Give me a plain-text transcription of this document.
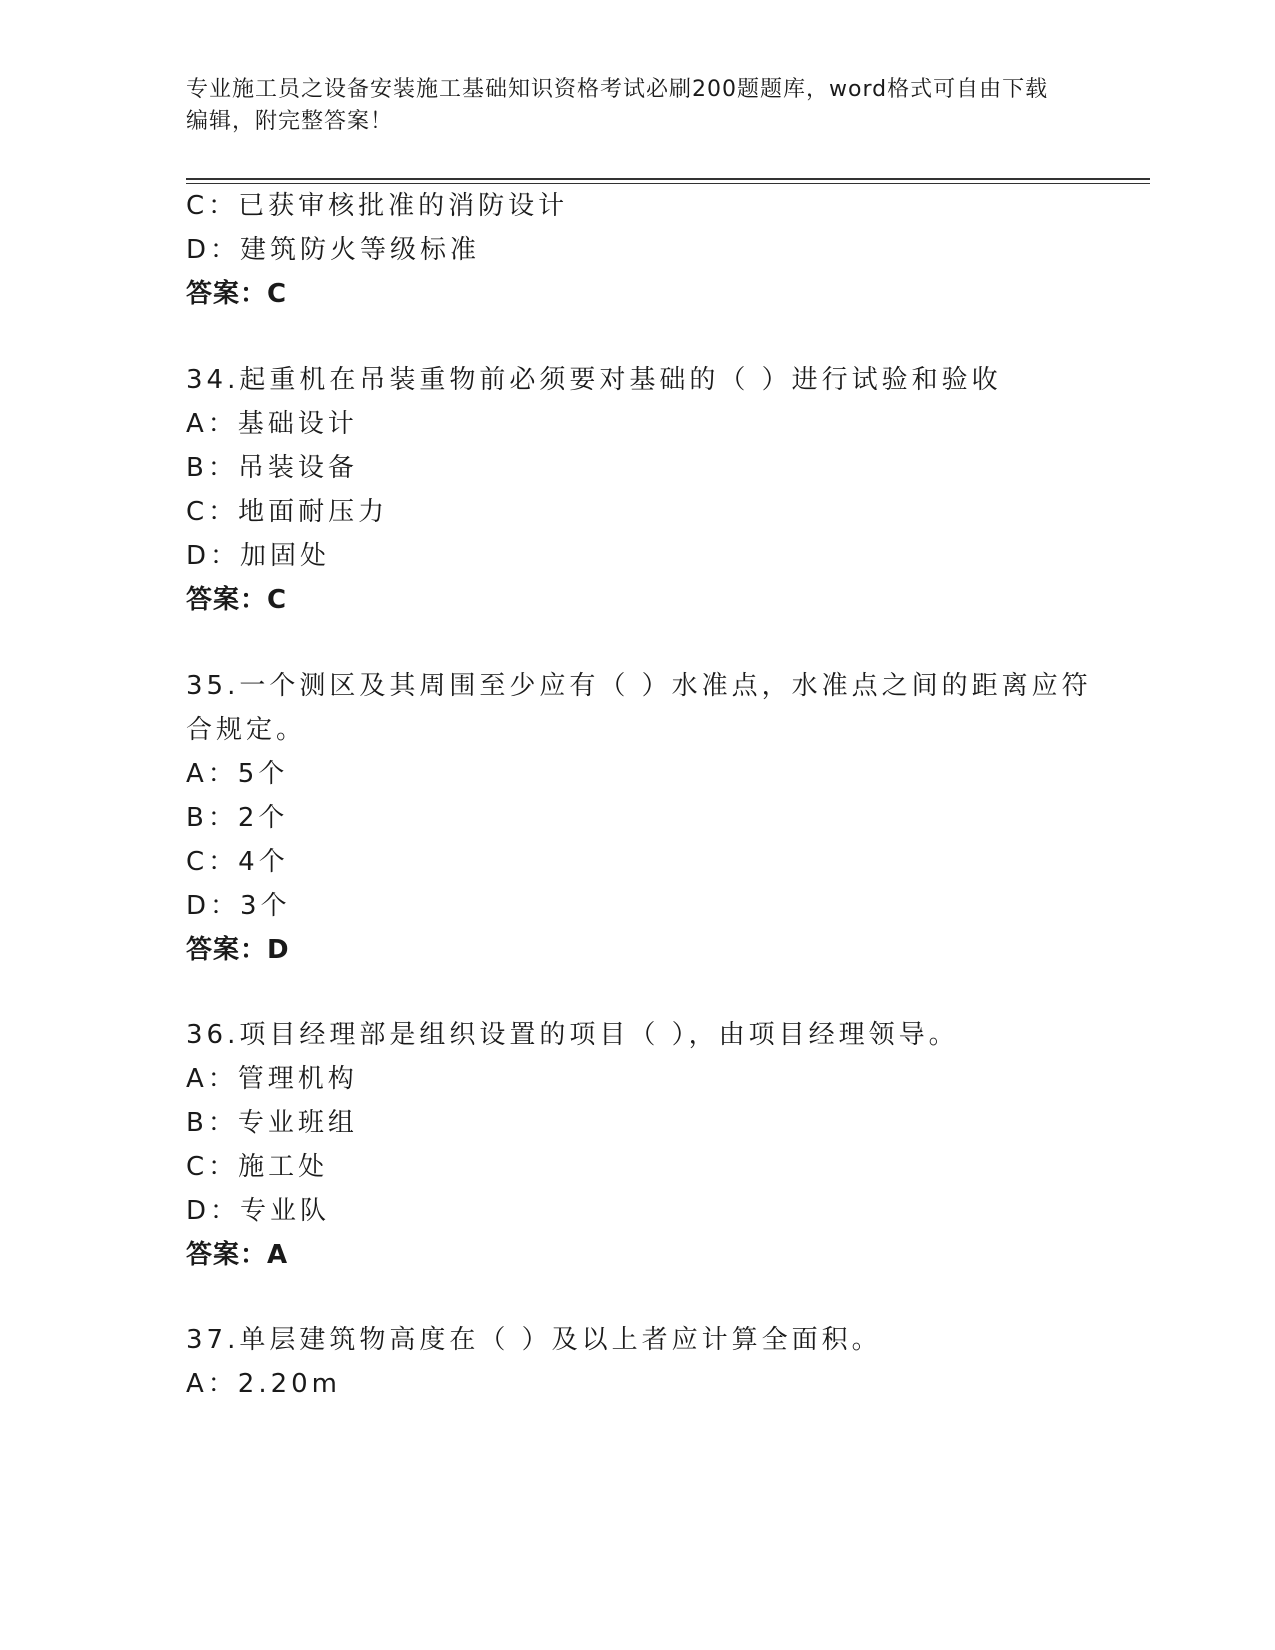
专业施工员之设备安装施工基础知识资格考试必刷200题题库，word格式可自由下载编辑，附完整答案！
C：已获审核批准的消防设计
D：建筑防火等级标准
答案：C
34.起重机在吊装重物前必须要对基础的（ ）进行试验和验收
A：基础设计
B：吊装设备
C：地面耐压力
D：加固处
答案：C
35.一个测区及其周围至少应有（ ）水准点，水准点之间的距离应符
合规定。
A：5个
B：2个
C：4个
D：3个
答案：D
36.项目经理部是组织设置的项目（ ），由项目经理领导。
A：管理机构
B：专业班组
C：施工处
D：专业队
答案：A
37.单层建筑物高度在（ ）及以上者应计算全面积。
A：2.20m
